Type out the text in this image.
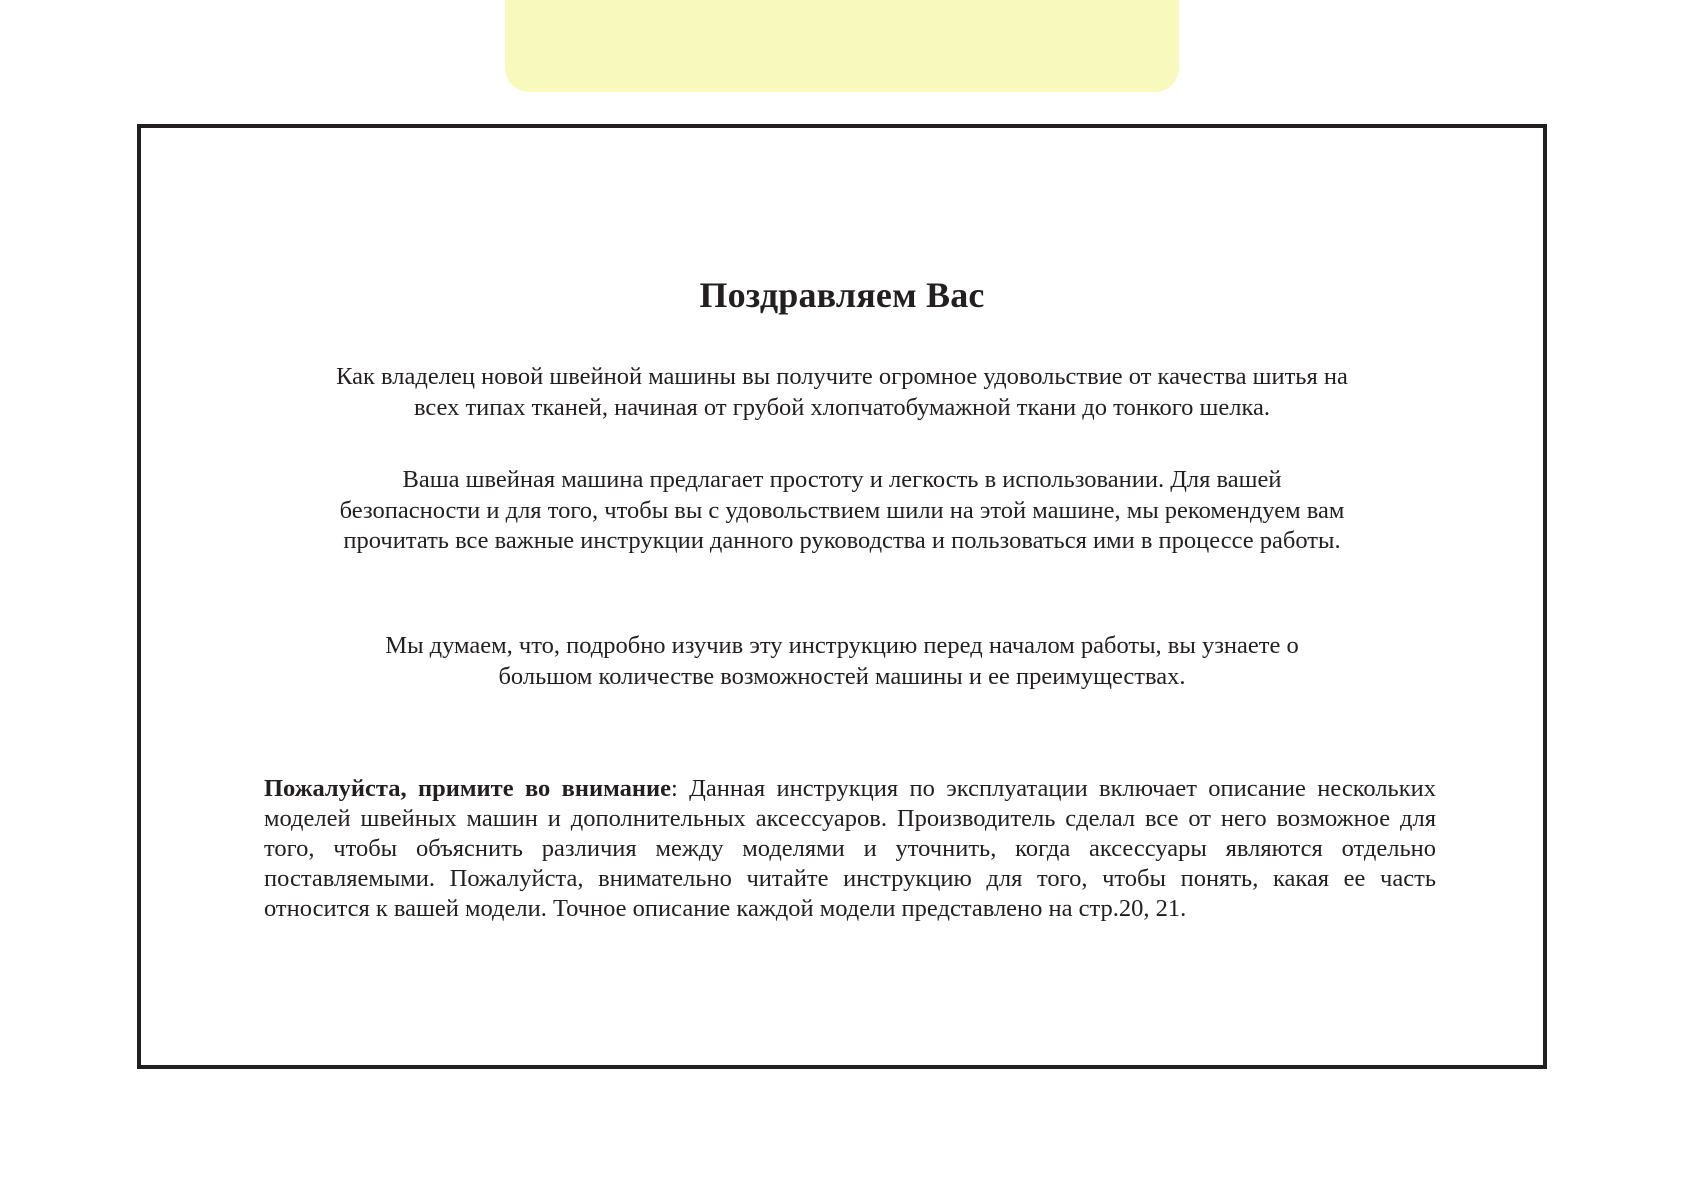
Поздравляем Вас

Как владелец новой швейной машины вы получите огромное удовольствие от качества шитья на всех типах тканей, начиная от грубой хлопчатобумажной ткани до тонкого шелка.

Ваша швейная машина предлагает простоту и легкость в использовании. Для вашей безопасности и для того, чтобы вы с удовольствием шили на этой машине, мы рекомендуем вам прочитать все важные инструкции данного руководства и пользоваться ими в процессе работы.

Мы думаем, что, подробно изучив эту инструкцию перед началом работы, вы узнаете о большом количестве возможностей машины и ее преимуществах.

Пожалуйста, примите во внимание: Данная инструкция по эксплуатации включает описание нескольких моделей швейных машин и дополнительных аксессуаров. Производитель сделал все от него возможное для того, чтобы объяснить различия между моделями и уточнить, когда аксессуары являются отдельно поставляемыми. Пожалуйста, внимательно читайте инструкцию для того, чтобы понять, какая ее часть относится к вашей модели. Точное описание каждой модели представлено на стр.20, 21.
